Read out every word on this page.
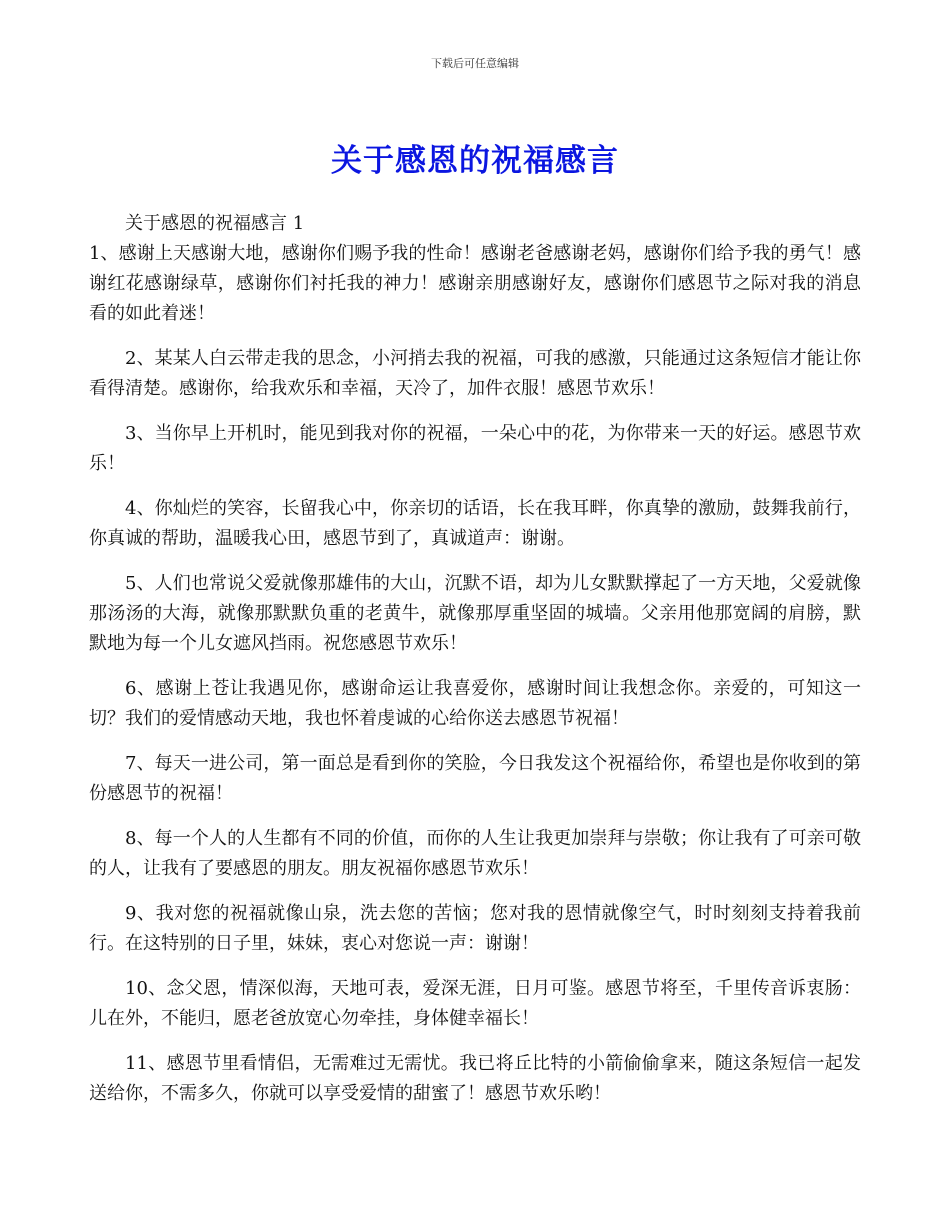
下载后可任意编辑
关于感恩的祝福感言

关于感恩的祝福感言 1

1、感谢上天感谢大地，感谢你们赐予我的性命！感谢老爸感谢老妈，感谢你们给予我的勇气！感谢红花感谢绿草，感谢你们衬托我的神力！感谢亲朋感谢好友，感谢你们感恩节之际对我的消息看的如此着迷！

2、某某人白云带走我的思念，小河捎去我的祝福，可我的感激，只能通过这条短信才能让你看得清楚。感谢你，给我欢乐和幸福，天冷了，加件衣服！感恩节欢乐！

3、当你早上开机时，能见到我对你的祝福，一朵心中的花，为你带来一天的好运。感恩节欢乐！

4、你灿烂的笑容，长留我心中，你亲切的话语，长在我耳畔，你真挚的激励，鼓舞我前行，你真诚的帮助，温暖我心田，感恩节到了，真诚道声：谢谢。

5、人们也常说父爱就像那雄伟的大山，沉默不语，却为儿女默默撑起了一方天地，父爱就像那汤汤的大海，就像那默默负重的老黄牛，就像那厚重坚固的城墙。父亲用他那宽阔的肩膀，默默地为每一个儿女遮风挡雨。祝您感恩节欢乐！

6、感谢上苍让我遇见你，感谢命运让我喜爱你，感谢时间让我想念你。亲爱的，可知这一切？我们的爱情感动天地，我也怀着虔诚的心给你送去感恩节祝福！

7、每天一进公司，第一面总是看到你的笑脸，今日我发这个祝福给你，希望也是你收到的第份感恩节的祝福！

8、每一个人的人生都有不同的价值，而你的人生让我更加崇拜与崇敬；你让我有了可亲可敬的人，让我有了要感恩的朋友。朋友祝福你感恩节欢乐！

9、我对您的祝福就像山泉，洗去您的苦恼；您对我的恩情就像空气，时时刻刻支持着我前行。在这特别的日子里，妹妹，衷心对您说一声：谢谢！

10、念父恩，情深似海，天地可表，爱深无涯，日月可鉴。感恩节将至，千里传音诉衷肠：儿在外，不能归，愿老爸放宽心勿牵挂，身体健幸福长！

11、感恩节里看情侣，无需难过无需忧。我已将丘比特的小箭偷偷拿来，随这条短信一起发送给你，不需多久，你就可以享受爱情的甜蜜了！感恩节欢乐哟！
